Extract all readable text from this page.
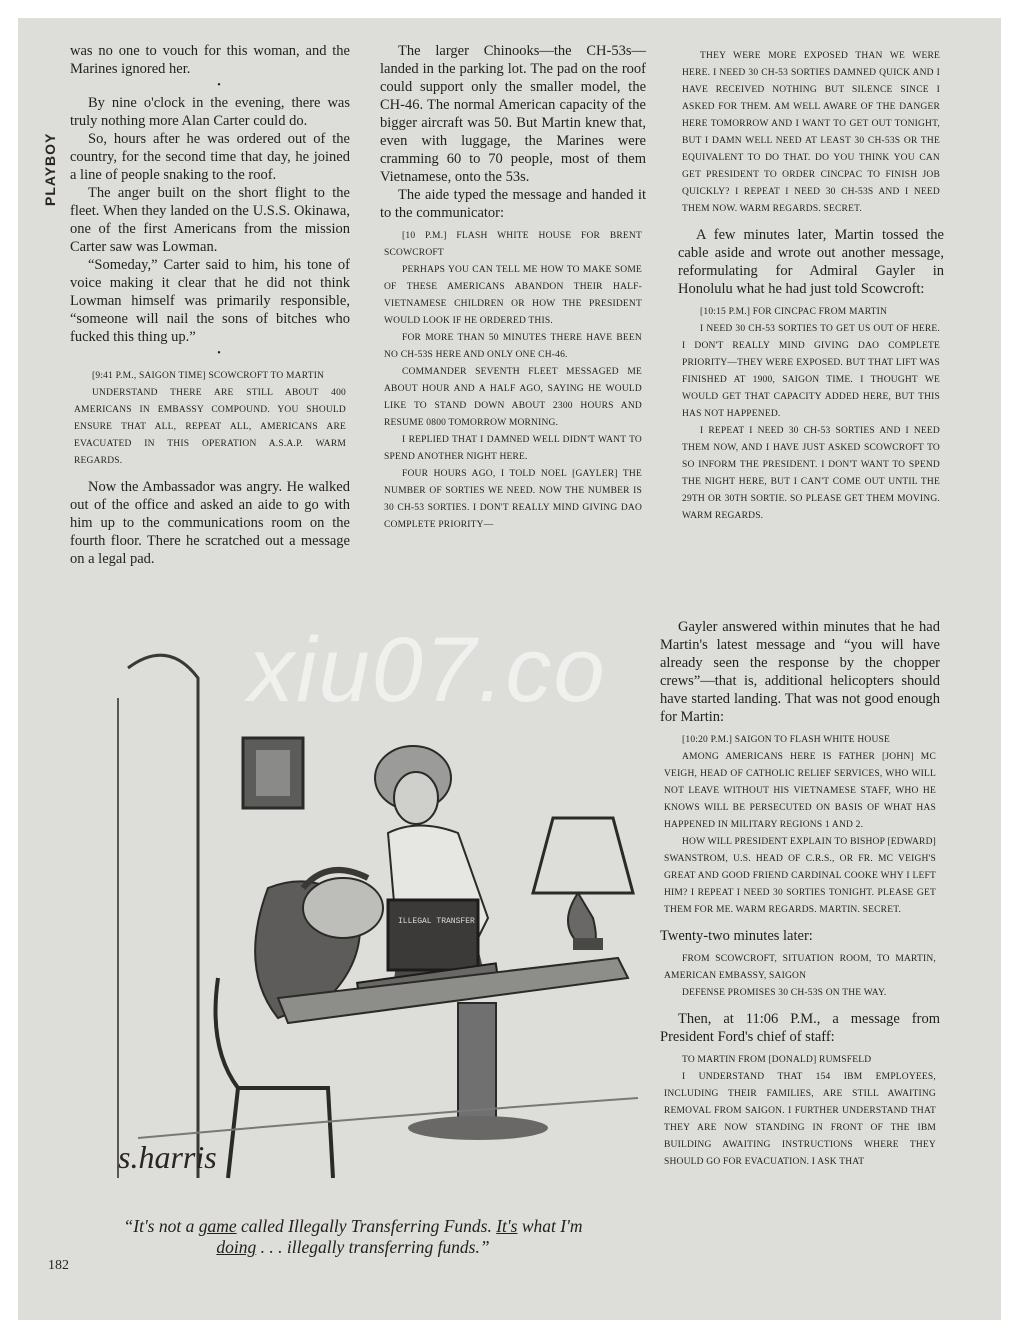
PLAYBOY

was no one to vouch for this woman, and the Marines ignored her.

•

By nine o'clock in the evening, there was truly nothing more Alan Carter could do.

So, hours after he was ordered out of the country, for the second time that day, he joined a line of people snaking to the roof.

The anger built on the short flight to the fleet. When they landed on the U.S.S. Okinawa, one of the first Americans from the mission Carter saw was Lowman.

“Someday,” Carter said to him, his tone of voice making it clear that he did not think Lowman himself was primarily responsible, “someone will nail the sons of bitches who fucked this thing up.”

•

[9:41 P.M., SAIGON TIME] SCOWCROFT TO MARTIN

UNDERSTAND THERE ARE STILL ABOUT 400 AMERICANS IN EMBASSY COMPOUND. YOU SHOULD ENSURE THAT ALL, REPEAT ALL, AMERICANS ARE EVACUATED IN THIS OPERATION A.S.A.P. WARM REGARDS.

Now the Ambassador was angry. He walked out of the office and asked an aide to go with him up to the communications room on the fourth floor. There he scratched out a message on a legal pad.

The larger Chinooks—the CH-53s—landed in the parking lot. The pad on the roof could support only the smaller model, the CH-46. The normal American capacity of the bigger aircraft was 50. But Martin knew that, even with luggage, the Marines were cramming 60 to 70 people, most of them Vietnamese, onto the 53s.

The aide typed the message and handed it to the communicator:

[10 P.M.] FLASH WHITE HOUSE FOR BRENT SCOWCROFT

PERHAPS YOU CAN TELL ME HOW TO MAKE SOME OF THESE AMERICANS ABANDON THEIR HALF-VIETNAMESE CHILDREN OR HOW THE PRESIDENT WOULD LOOK IF HE ORDERED THIS.

FOR MORE THAN 50 MINUTES THERE HAVE BEEN NO CH-53S HERE AND ONLY ONE CH-46.

COMMANDER SEVENTH FLEET MESSAGED ME ABOUT HOUR AND A HALF AGO, SAYING HE WOULD LIKE TO STAND DOWN ABOUT 2300 HOURS AND RESUME 0800 TOMORROW MORNING.

I REPLIED THAT I DAMNED WELL DIDN'T WANT TO SPEND ANOTHER NIGHT HERE.

FOUR HOURS AGO, I TOLD NOEL [GAYLER] THE NUMBER OF SORTIES WE NEED. NOW THE NUMBER IS 30 CH-53 SORTIES. I DON'T REALLY MIND GIVING DAO COMPLETE PRIORITY—

THEY WERE MORE EXPOSED THAN WE WERE HERE. I NEED 30 CH-53 SORTIES DAMNED QUICK AND I HAVE RECEIVED NOTHING BUT SILENCE SINCE I ASKED FOR THEM. AM WELL AWARE OF THE DANGER HERE TOMORROW AND I WANT TO GET OUT TONIGHT, BUT I DAMN WELL NEED AT LEAST 30 CH-53S OR THE EQUIVALENT TO DO THAT. DO YOU THINK YOU CAN GET PRESIDENT TO ORDER CINCPAC TO FINISH JOB QUICKLY? I REPEAT I NEED 30 CH-53S AND I NEED THEM NOW. WARM REGARDS. SECRET.

A few minutes later, Martin tossed the cable aside and wrote out another message, reformulating for Admiral Gayler in Honolulu what he had just told Scowcroft:

[10:15 P.M.] FOR CINCPAC FROM MARTIN

I NEED 30 CH-53 SORTIES TO GET US OUT OF HERE. I DON'T REALLY MIND GIVING DAO COMPLETE PRIORITY—THEY WERE EXPOSED. BUT THAT LIFT WAS FINISHED AT 1900, SAIGON TIME. I THOUGHT WE WOULD GET THAT CAPACITY ADDED HERE, BUT THIS HAS NOT HAPPENED.

I REPEAT I NEED 30 CH-53 SORTIES AND I NEED THEM NOW, AND I HAVE JUST ASKED SCOWCROFT TO SO INFORM THE PRESIDENT. I DON'T WANT TO SPEND THE NIGHT HERE, BUT I CAN'T COME OUT UNTIL THE 29TH OR 30TH SORTIE. SO PLEASE GET THEM MOVING. WARM REGARDS.

Gayler answered within minutes that he had Martin's latest message and “you will have already seen the response by the chopper crews”—that is, additional helicopters should have started landing. That was not good enough for Martin:

[10:20 P.M.] SAIGON TO FLASH WHITE HOUSE

AMONG AMERICANS HERE IS FATHER [JOHN] MC VEIGH, HEAD OF CATHOLIC RELIEF SERVICES, WHO WILL NOT LEAVE WITHOUT HIS VIETNAMESE STAFF, WHO HE KNOWS WILL BE PERSECUTED ON BASIS OF WHAT HAS HAPPENED IN MILITARY REGIONS 1 AND 2.

HOW WILL PRESIDENT EXPLAIN TO BISHOP [EDWARD] SWANSTROM, U.S. HEAD OF C.R.S., OR FR. MC VEIGH'S GREAT AND GOOD FRIEND CARDINAL COOKE WHY I LEFT HIM? I REPEAT I NEED 30 SORTIES TONIGHT. PLEASE GET THEM FOR ME. WARM REGARDS. MARTIN. SECRET.

Twenty-two minutes later:

FROM SCOWCROFT, SITUATION ROOM, TO MARTIN, AMERICAN EMBASSY, SAIGON

DEFENSE PROMISES 30 CH-53S ON THE WAY.

Then, at 11:06 P.M., a message from President Ford's chief of staff:

TO MARTIN FROM [DONALD] RUMSFELD

I UNDERSTAND THAT 154 IBM EMPLOYEES, INCLUDING THEIR FAMILIES, ARE STILL AWAITING REMOVAL FROM SAIGON. I FURTHER UNDERSTAND THAT THEY ARE NOW STANDING IN FRONT OF THE IBM BUILDING AWAITING INSTRUCTIONS WHERE THEY SHOULD GO FOR EVACUATION. I ASK THAT

ILLEGAL TRANSFER
s.harris
xiu07.co
“It's not a game called Illegally Transferring Funds. It's what I'm doing . . . illegally transferring funds.”
182
